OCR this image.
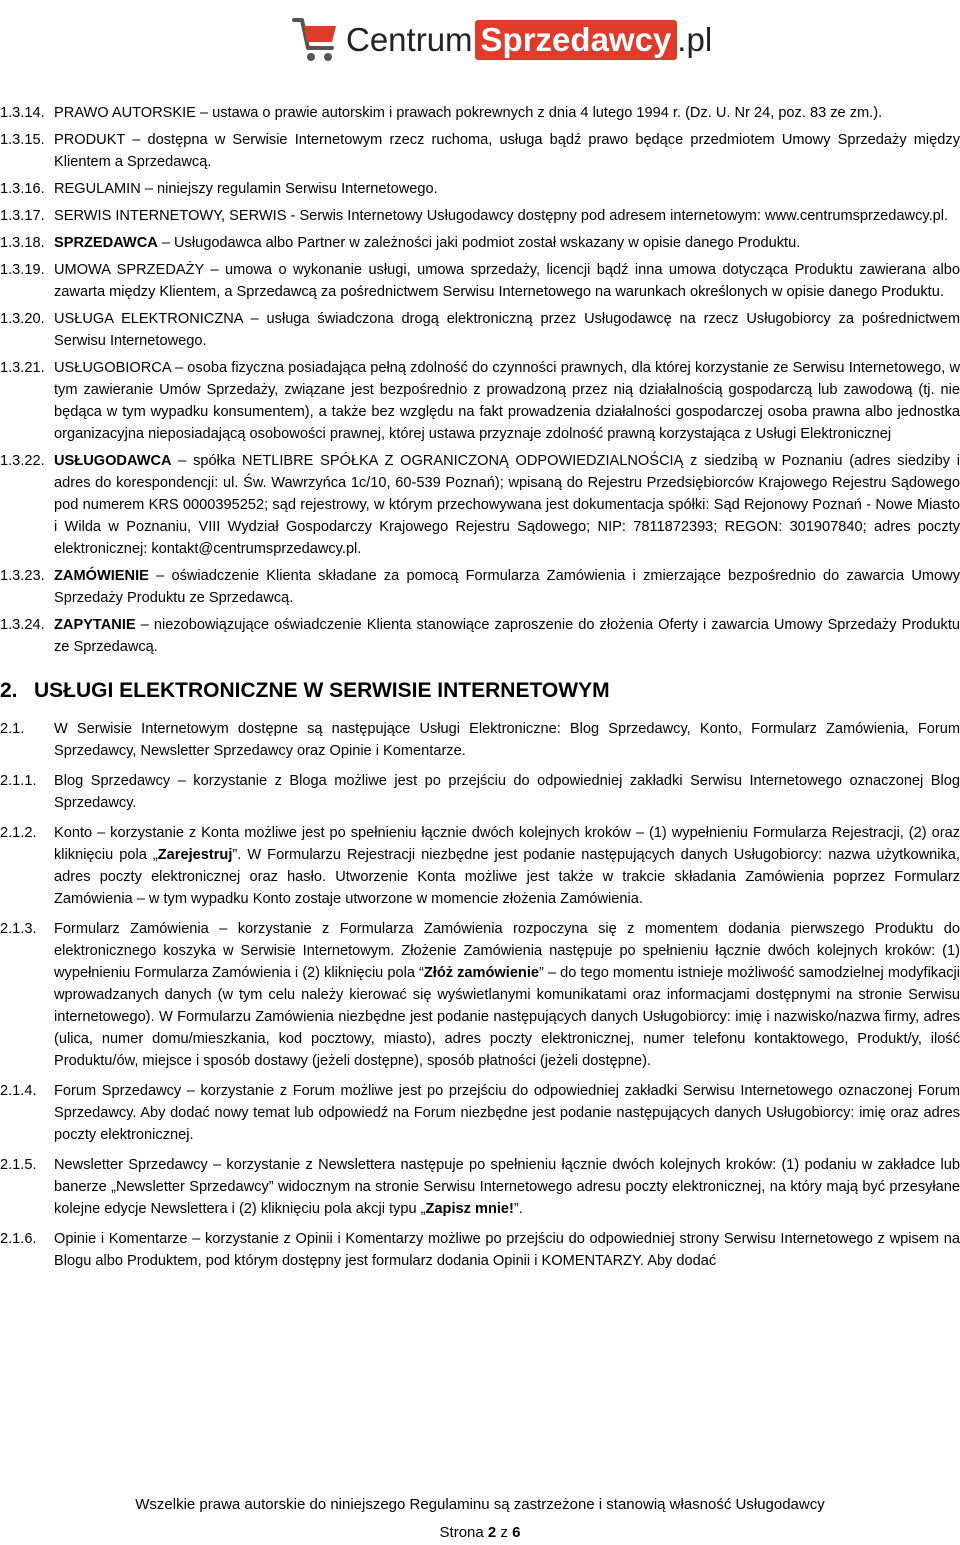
Centrum Sprzedawcy .pl
1.3.14. PRAWO AUTORSKIE – ustawa o prawie autorskim i prawach pokrewnych z dnia 4 lutego 1994 r. (Dz. U. Nr 24, poz. 83 ze zm.).
1.3.15. PRODUKT – dostępna w Serwisie Internetowym rzecz ruchoma, usługa bądź prawo będące przedmiotem Umowy Sprzedaży między Klientem a Sprzedawcą.
1.3.16. REGULAMIN – niniejszy regulamin Serwisu Internetowego.
1.3.17. SERWIS INTERNETOWY, SERWIS - Serwis Internetowy Usługodawcy dostępny pod adresem internetowym: www.centrumsprzedawcy.pl.
1.3.18. SPRZEDAWCA – Usługodawca albo Partner w zależności jaki podmiot został wskazany w opisie danego Produktu.
1.3.19. UMOWA SPRZEDAŻY – umowa o wykonanie usługi, umowa sprzedaży, licencji bądź inna umowa dotycząca Produktu zawierana albo zawarta między Klientem, a Sprzedawcą za pośrednictwem Serwisu Internetowego na warunkach określonych w opisie danego Produktu.
1.3.20. USŁUGA ELEKTRONICZNA – usługa świadczona drogą elektroniczną przez Usługodawcę na rzecz Usługobiorcy za pośrednictwem Serwisu Internetowego.
1.3.21. USŁUGOBIORCA – osoba fizyczna posiadająca pełną zdolność do czynności prawnych, dla której korzystanie ze Serwisu Internetowego, w tym zawieranie Umów Sprzedaży, związane jest bezpośrednio z prowadzoną przez nią działalnością gospodarczą lub zawodową (tj. nie będąca w tym wypadku konsumentem), a także bez względu na fakt prowadzenia działalności gospodarczej osoba prawna albo jednostka organizacyjna nieposiadającą osobowości prawnej, której ustawa przyznaje zdolność prawną korzystająca z Usługi Elektronicznej
1.3.22. USŁUGODAWCA – spółka NETLIBRE SPÓŁKA Z OGRANICZONĄ ODPOWIEDZIALNOŚCIĄ z siedzibą w Poznaniu (adres siedziby i adres do korespondencji: ul. Św. Wawrzyńca 1c/10, 60-539 Poznań); wpisaną do Rejestru Przedsiębiorców Krajowego Rejestru Sądowego pod numerem KRS 0000395252; sąd rejestrowy, w którym przechowywana jest dokumentacja spółki: Sąd Rejonowy Poznań - Nowe Miasto i Wilda w Poznaniu, VIII Wydział Gospodarczy Krajowego Rejestru Sądowego; NIP: 7811872393; REGON: 301907840; adres poczty elektronicznej: kontakt@centrumsprzedawcy.pl.
1.3.23. ZAMÓWIENIE – oświadczenie Klienta składane za pomocą Formularza Zamówienia i zmierzające bezpośrednio do zawarcia Umowy Sprzedaży Produktu ze Sprzedawcą.
1.3.24. ZAPYTANIE – niezobowiązujące oświadczenie Klienta stanowiące zaproszenie do złożenia Oferty i zawarcia Umowy Sprzedaży Produktu ze Sprzedawcą.
2. USŁUGI ELEKTRONICZNE W SERWISIE INTERNETOWYM
2.1.	W Serwisie Internetowym dostępne są następujące Usługi Elektroniczne: Blog Sprzedawcy, Konto, Formularz Zamówienia, Forum Sprzedawcy, Newsletter Sprzedawcy oraz Opinie i Komentarze.
2.1.1.	Blog Sprzedawcy – korzystanie z Bloga możliwe jest po przejściu do odpowiedniej zakładki Serwisu Internetowego oznaczonej Blog Sprzedawcy.
2.1.2.	Konto – korzystanie z Konta możliwe jest po spełnieniu łącznie dwóch kolejnych kroków – (1) wypełnieniu Formularza Rejestracji, (2) oraz kliknięciu pola „Zarejestruj”. W Formularzu Rejestracji niezbędne jest podanie następujących danych Usługobiorcy: nazwa użytkownika, adres poczty elektronicznej oraz hasło. Utworzenie Konta możliwe jest także w trakcie składania Zamówienia poprzez Formularz Zamówienia – w tym wypadku Konto zostaje utworzone w momencie złożenia Zamówienia.
2.1.3.	Formularz Zamówienia – korzystanie z Formularza Zamówienia rozpoczyna się z momentem dodania pierwszego Produktu do elektronicznego koszyka w Serwisie Internetowym. Złożenie Zamówienia następuje po spełnieniu łącznie dwóch kolejnych kroków: (1) wypełnieniu Formularza Zamówienia i (2) kliknięciu pola “Złóż zamówienie” – do tego momentu istnieje możliwość samodzielnej modyfikacji wprowadzanych danych (w tym celu należy kierować się wyświetlanymi komunikatami oraz informacjami dostępnymi na stronie Serwisu internetowego). W Formularzu Zamówienia niezbędne jest podanie następujących danych Usługobiorcy: imię i nazwisko/nazwa firmy, adres (ulica, numer domu/mieszkania, kod pocztowy, miasto), adres poczty elektronicznej, numer telefonu kontaktowego, Produkt/y, ilość Produktu/ów, miejsce i sposób dostawy (jeżeli dostępne), sposób płatności (jeżeli dostępne).
2.1.4.	Forum Sprzedawcy – korzystanie z Forum możliwe jest po przejściu do odpowiedniej zakładki Serwisu Internetowego oznaczonej Forum Sprzedawcy. Aby dodać nowy temat lub odpowiedź na Forum niezbędne jest podanie następujących danych Usługobiorcy: imię oraz adres poczty elektronicznej.
2.1.5.	Newsletter Sprzedawcy – korzystanie z Newslettera następuje po spełnieniu łącznie dwóch kolejnych kroków: (1) podaniu w zakładce lub banerze „Newsletter Sprzedawcy” widocznym na stronie Serwisu Internetowego adresu poczty elektronicznej, na który mają być przesyłane kolejne edycje Newslettera i (2) kliknięciu pola akcji typu „Zapisz mnie!”.
2.1.6.	Opinie i Komentarze – korzystanie z Opinii i Komentarzy możliwe po przejściu do odpowiedniej strony Serwisu Internetowego z wpisem na Blogu albo Produktem, pod którym dostępny jest formularz dodania Opinii i KOMENTARZY. Aby dodać
Wszelkie prawa autorskie do niniejszego Regulaminu są zastrzeżone i stanowią własność Usługodawcy
Strona 2 z 6
